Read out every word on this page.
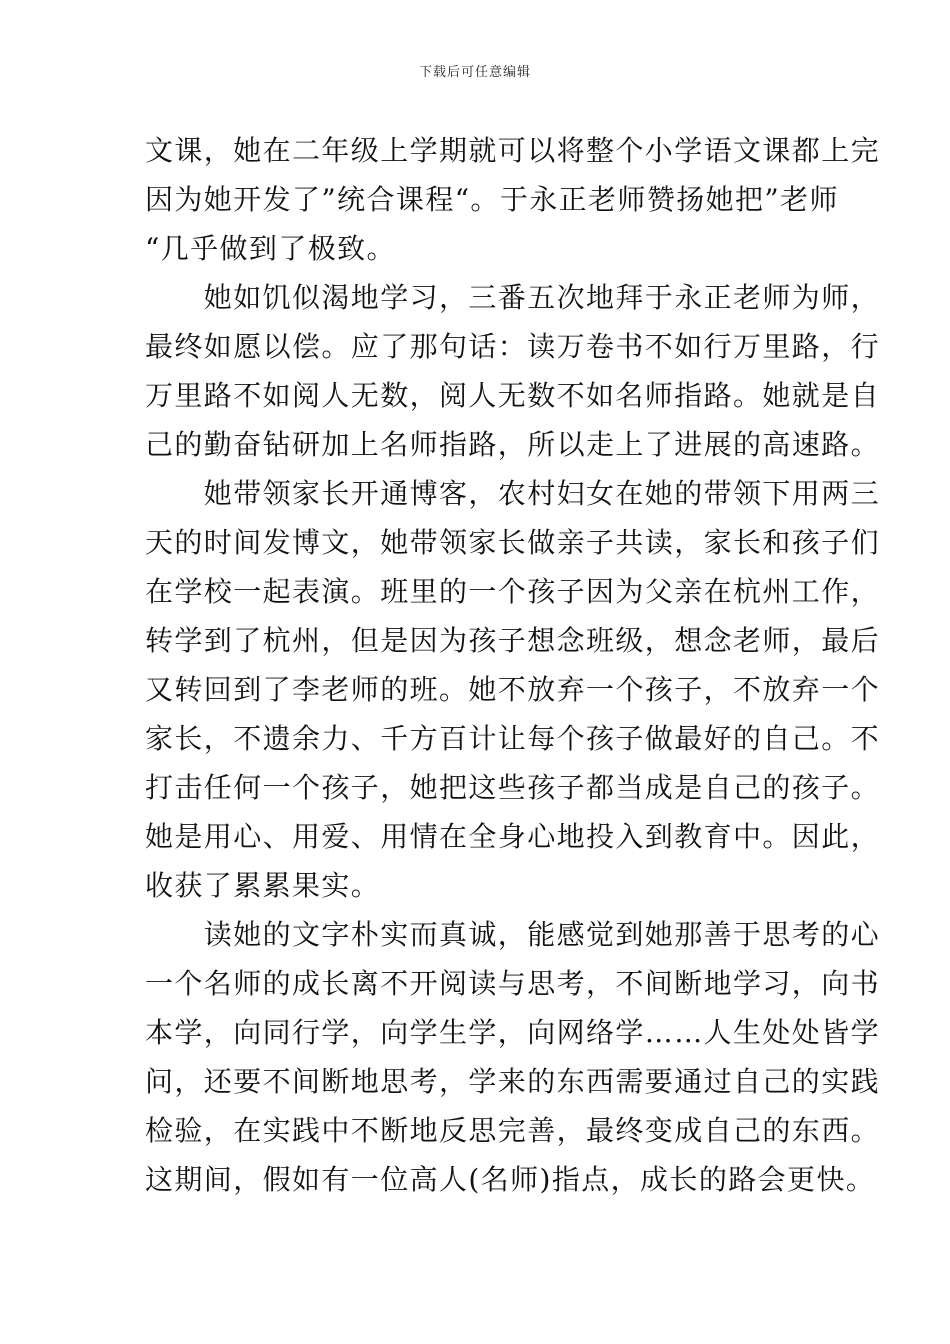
下载后可任意编辑
文课，她在二年级上学期就可以将整个小学语文课都上完
因为她开发了”统合课程“。于永正老师赞扬她把”老师
“几乎做到了极致。
　　她如饥似渴地学习，三番五次地拜于永正老师为师，
最终如愿以偿。应了那句话：读万卷书不如行万里路，行
万里路不如阅人无数，阅人无数不如名师指路。她就是自
己的勤奋钻研加上名师指路，所以走上了进展的高速路。
　　她带领家长开通博客，农村妇女在她的带领下用两三
天的时间发博文，她带领家长做亲子共读，家长和孩子们
在学校一起表演。班里的一个孩子因为父亲在杭州工作，
转学到了杭州，但是因为孩子想念班级，想念老师，最后
又转回到了李老师的班。她不放弃一个孩子，不放弃一个
家长，不遗余力、千方百计让每个孩子做最好的自己。不
打击任何一个孩子，她把这些孩子都当成是自己的孩子。
她是用心、用爱、用情在全身心地投入到教育中。因此，
收获了累累果实。
　　读她的文字朴实而真诚，能感觉到她那善于思考的心
一个名师的成长离不开阅读与思考，不间断地学习，向书
本学，向同行学，向学生学，向网络学……人生处处皆学
问，还要不间断地思考，学来的东西需要通过自己的实践
检验，在实践中不断地反思完善，最终变成自己的东西。
这期间，假如有一位高人(名师)指点，成长的路会更快。
